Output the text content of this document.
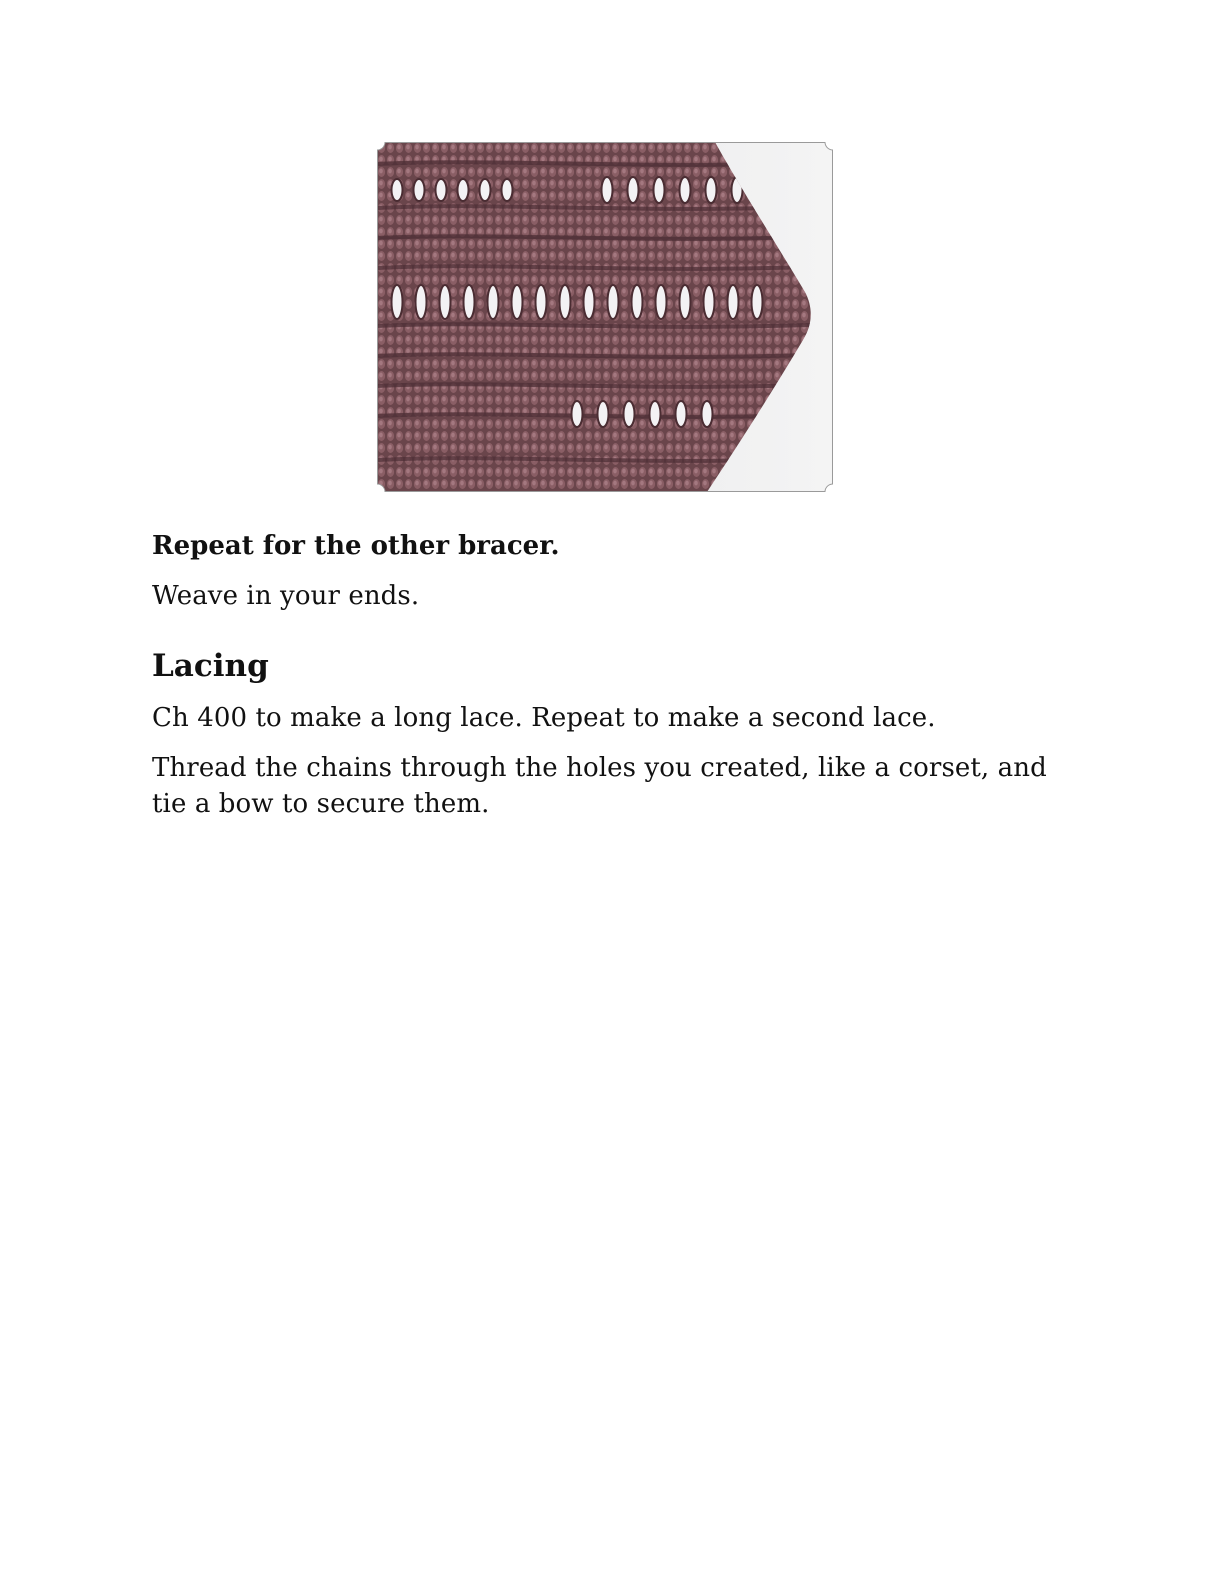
Repeat for the other bracer.

Weave in your ends.

Lacing

Ch 400 to make a long lace. Repeat to make a second lace.

Thread the chains through the holes you created, like a corset, and tie a bow to secure them.
